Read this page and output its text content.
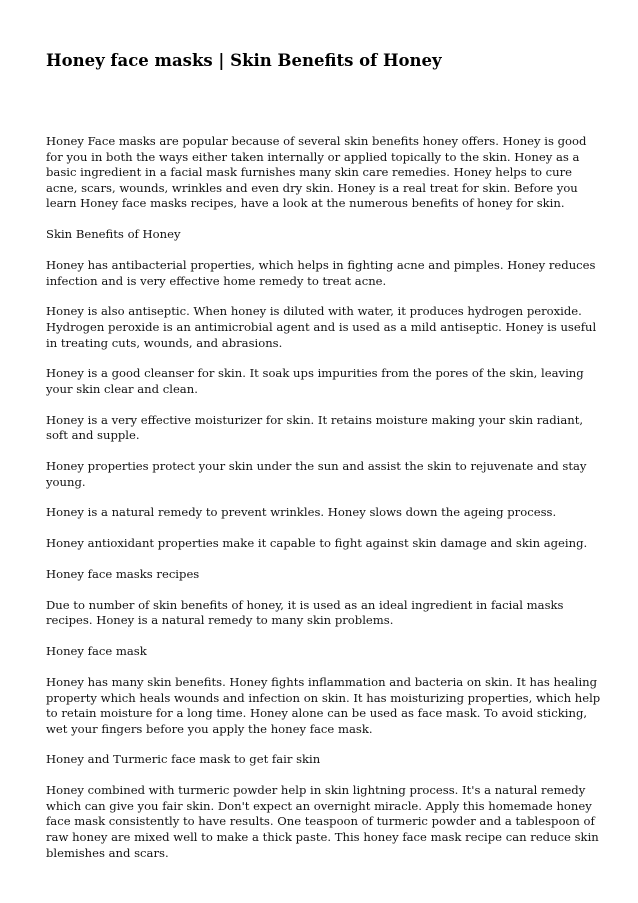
Honey face masks | Skin Benefits of Honey

Honey Face masks are popular because of several skin benefits honey offers. Honey is good for you in both the ways either taken internally or applied topically to the skin. Honey as a basic ingredient in a facial mask furnishes many skin care remedies. Honey helps to cure acne, scars, wounds, wrinkles and even dry skin. Honey is a real treat for skin. Before you learn Honey face masks recipes, have a look at the numerous benefits of honey for skin.

Skin Benefits of Honey

Honey has antibacterial properties, which helps in fighting acne and pimples. Honey reduces infection and is very effective home remedy to treat acne.

Honey is also antiseptic. When honey is diluted with water, it produces hydrogen peroxide. Hydrogen peroxide is an antimicrobial agent and is used as a mild antiseptic. Honey is useful in treating cuts, wounds, and abrasions.

Honey is a good cleanser for skin. It soak ups impurities from the pores of the skin, leaving your skin clear and clean.

Honey is a very effective moisturizer for skin. It retains moisture making your skin radiant, soft and supple.

Honey properties protect your skin under the sun and assist the skin to rejuvenate and stay young.

Honey is a natural remedy to prevent wrinkles. Honey slows down the ageing process.

Honey antioxidant properties make it capable to fight against skin damage and skin ageing.

Honey face masks recipes

Due to number of skin benefits of honey, it is used as an ideal ingredient in facial masks recipes. Honey is a natural remedy to many skin problems.

Honey face mask

Honey has many skin benefits. Honey fights inflammation and bacteria on skin. It has healing property which heals wounds and infection on skin. It has moisturizing properties, which help to retain moisture for a long time. Honey alone can be used as face mask. To avoid sticking, wet your fingers before you apply the honey face mask.

Honey and Turmeric face mask to get fair skin

Honey combined with turmeric powder help in skin lightning process. It's a natural remedy which can give you fair skin. Don't expect an overnight miracle. Apply this homemade honey face mask consistently to have results. One teaspoon of turmeric powder and a tablespoon of raw honey are mixed well to make a thick paste. This honey face mask recipe can reduce skin blemishes and scars.
